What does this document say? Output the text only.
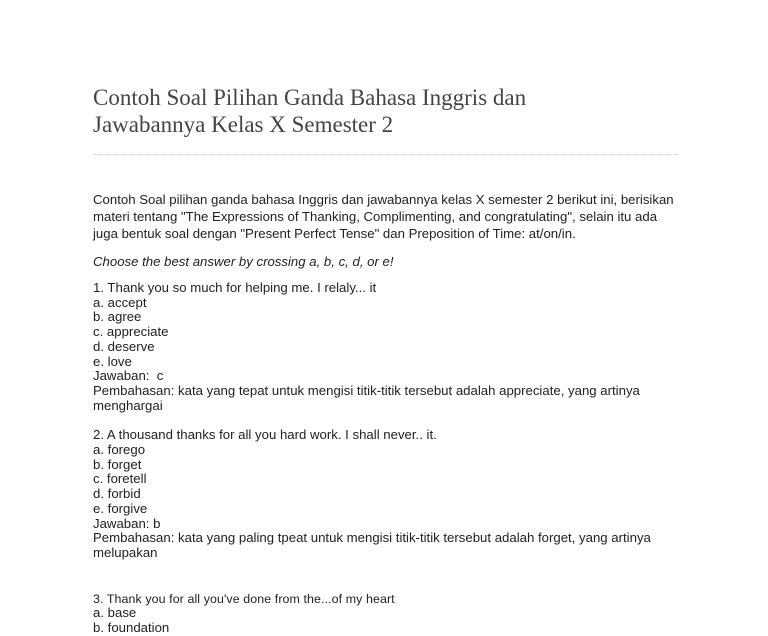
Contoh Soal Pilihan Ganda Bahasa Inggris dan
Jawabannya Kelas X Semester 2

Contoh Soal pilihan ganda bahasa Inggris dan jawabannya kelas X semester 2 berikut ini, berisikan materi tentang "The Expressions of Thanking, Complimenting, and congratulating", selain itu ada juga bentuk soal dengan "Present Perfect Tense" dan Preposition of Time: at/on/in.

Choose the best answer by crossing a, b, c, d, or e!

1. Thank you so much for helping me. I relaly... it
a. accept
b. agree
c. appreciate
d. deserve
e. love
Jawaban:  c
Pembahasan: kata yang tepat untuk mengisi titik-titik tersebut adalah appreciate, yang artinya menghargai
2. A thousand thanks for all you hard work. I shall never.. it.
a. forego
b. forget
c. foretell
d. forbid
e. forgive
Jawaban: b
Pembahasan: kata yang paling tpeat untuk mengisi titik-titik tersebut adalah forget, yang artinya melupakan
3. Thank you for all you've done from the...of my heart
a. base
b. foundation
